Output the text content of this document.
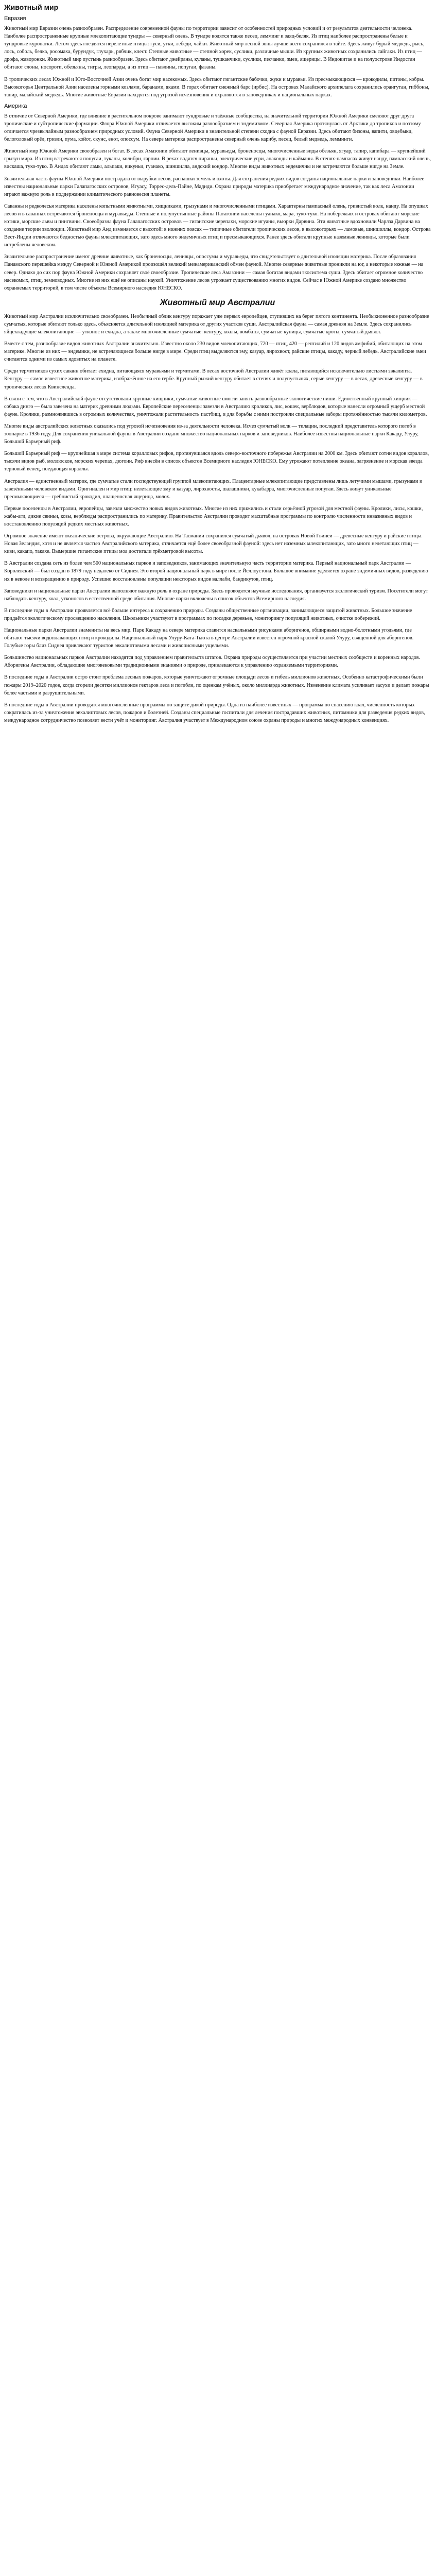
Животный мир
Евразия

Животный мир Евразии очень разнообразен. Распределение современной фауны по территории зависит от особенностей природных условий и от результатов деятельности человека. Наиболее распространенные крупные млекопитающие тундры — северный олень. В тундре водятся также песец, лемминг и заяц-беляк. Из птиц наиболее распространены белые и тундровые куропатки. Летом здесь гнездятся перелетные птицы: гуси, утки, лебеди, чайки. Животный мир лесной зоны лучше всего сохранился в тайге. Здесь живут бурый медведь, рысь, лось, соболь, белка, росомаха, бурундук, глухарь, рябчик, клест. Степные животные — степной хорек, суслики, различные мыши. Из крупных животных сохранились сайгаки. Из птиц — дрофа, жаворонки. Животный мир пустынь разнообразен. Здесь обитают джейраны, куланы, тушканчики, суслики, песчанки, змеи, ящерицы. В Индокитае и на полуострове Индостан обитают слоны, носороги, обезьяны, тигры, леопарды, а из птиц — павлины, попугаи, фазаны.

В тропических лесах Южной и Юго-Восточной Азии очень богат мир насекомых. Здесь обитают гигантские бабочки, жуки и муравьи. Из пресмыкающихся — крокодилы, питоны, кобры. Высокогорья Центральной Азии населены горными козлами, баранами, яками. В горах обитает снежный барс (ирбис). На островах Малайского архипелага сохранились орангутан, гиббоны, тапир, малайский медведь. Многие животные Евразии находятся под угрозой исчезновения и охраняются в заповедниках и национальных парках.

Америка

В отличие от Северной Америки, где влияние в растительном покрове занимают тундровые и таёжные сообщества, на значительной территории Южной Америки сменяют друг друга тропические и субтропические формации. Флора Южной Америки отличается высоким разнообразием и эндемизмом. Северная Америка протянулась от Арктики до тропиков и поэтому отличается чрезвычайным разнообразием природных условий. Фауна Северной Америки в значительной степени сходна с фауной Евразии. Здесь обитают бизоны, вапити, овцебыки, белоголовый орёл, гризли, пума, койот, скунс, енот, опоссум. На севере материка распространены северный олень карибу, песец, белый медведь, лемминги.

Животный мир Южной Америки своеобразен и богат. В лесах Амазонии обитают ленивцы, муравьеды, броненосцы, многочисленные виды обезьян, ягуар, тапир, капибара — крупнейший грызун мира. Из птиц встречаются попугаи, туканы, колибри, гарпии. В реках водятся пираньи, электрические угри, анаконды и кайманы. В степях-пампасах живут нанду, пампасский олень, вискаша, туко-туко. В Андах обитают ламы, альпаки, викуньи, гуанако, шиншилла, андский кондор. Многие виды животных эндемичны и не встречаются больше нигде на Земле.

Значительная часть фауны Южной Америки пострадала от вырубки лесов, распашки земель и охоты. Для сохранения редких видов созданы национальные парки и заповедники. Наиболее известны национальные парки Галапагосских островов, Игуасу, Торрес-дель-Пайне, Мадиди. Охрана природы материка приобретает международное значение, так как леса Амазонии играют важную роль в поддержании климатического равновесия планеты.

Саванны и редколесья материка населены копытными животными, хищниками, грызунами и многочисленными птицами. Характерны пампасный олень, гривистый волк, нанду. На опушках лесов и в саваннах встречаются броненосцы и муравьеды. Степные и полупустынные районы Патагонии населены гуанако, мара, туко-туко. На побережьях и островах обитают морские котики, морские львы и пингвины. Своеобразна фауна Галапагосских островов — гигантские черепахи, морские игуаны, вьюрки Дарвина. Эти животные вдохновили Чарлза Дарвина на создание теории эволюции. Животный мир Анд изменяется с высотой: в нижних поясах — типичные обитатели тропических лесов, в высокогорьях — ламовые, шиншиллы, кондор. Острова Вест-Индии отличаются бедностью фауны млекопитающих, зато здесь много эндемичных птиц и пресмыкающихся. Ранее здесь обитали крупные наземные ленивцы, которые были истреблены человеком.

Значительное распространение имеют древние животные, как броненосцы, ленивцы, опоссумы и муравьеды, что свидетельствует о длительной изоляции материка. После образования Панамского перешейка между Северной и Южной Америкой произошёл великий межамериканский обмен фауной. Многие северные животные проникли на юг, а некоторые южные — на север. Однако до сих пор фауна Южной Америки сохраняет своё своеобразие. Тропические леса Амазонии — самая богатая видами экосистема суши. Здесь обитает огромное количество насекомых, птиц, земноводных. Многие из них ещё не описаны наукой. Уничтожение лесов угрожает существованию многих видов. Сейчас в Южной Америке создано множество охраняемых территорий, в том числе объекты Всемирного наследия ЮНЕСКО.

Животный мир Австралии

Животный мир Австралии исключительно своеобразен. Необычный облик кенгуру поражает уже первых европейцев, ступивших на берег пятого континента. Необыкновенное разнообразие сумчатых, которые обитают только здесь, объясняется длительной изоляцией материка от других участков суши. Австралийская фауна — самая древняя на Земле. Здесь сохранились яйцекладущие млекопитающие — утконос и ехидна, а также многочисленные сумчатые: кенгуру, коалы, вомбаты, сумчатые куницы, сумчатые кроты, сумчатый дьявол.

Вместе с тем, разнообразие видов животных Австралии значительно. Известно около 230 видов млекопитающих, 720 — птиц, 420 — рептилий и 120 видов амфибий, обитающих на этом материке. Многие из них — эндемики, не встречающиеся больше нигде в мире. Среди птиц выделяются эму, казуар, лирохвост, райские птицы, какаду, черный лебедь. Австралийские змеи считаются одними из самых ядовитых на планете.

Среди термитников сухих саванн обитает ехидна, питающаяся муравьями и термитами. В лесах восточной Австралии живёт коала, питающийся исключительно листьями эвкалипта. Кенгуру — самое известное животное материка, изображённое на его гербе. Крупный рыжий кенгуру обитает в степях и полупустынях, серые кенгуру — в лесах, древесные кенгуру — в тропических лесах Квинсленда.

В связи с тем, что в Австралийской фауне отсутствовали крупные хищники, сумчатые животные смогли занять разнообразные экологические ниши. Единственный крупный хищник — собака динго — была завезена на материк древними людьми. Европейские переселенцы завезли в Австралию кроликов, лис, кошек, верблюдов, которые нанесли огромный ущерб местной фауне. Кролики, размножившись в огромных количествах, уничтожали растительность пастбищ, и для борьбы с ними построили специальные заборы протяжённостью тысячи километров.

Многие виды австралийских животных оказались под угрозой исчезновения из-за деятельности человека. Исчез сумчатый волк — тилацин, последний представитель которого погиб в зоопарке в 1936 году. Для сохранения уникальной фауны в Австралии создано множество национальных парков и заповедников. Наиболее известны национальные парки Какаду, Улуру, Большой Барьерный риф.

Большой Барьерный риф — крупнейшая в мире система коралловых рифов, протянувшаяся вдоль северо-восточного побережья Австралии на 2000 км. Здесь обитают сотни видов кораллов, тысячи видов рыб, моллюсков, морских черепах, дюгони. Риф внесён в список объектов Всемирного наследия ЮНЕСКО. Ему угрожают потепление океана, загрязнение и морская звезда терновый венец, поедающая кораллы.

Австралия — единственный материк, где сумчатые стали господствующей группой млекопитающих. Плацентарные млекопитающие представлены лишь летучими мышами, грызунами и завезёнными человеком видами. Оригинален и мир птиц: нелетающие эму и казуар, лирохвосты, шалашники, кукабарра, многочисленные попугаи. Здесь живут уникальные пресмыкающиеся — гребнистый крокодил, плащеносная ящерица, молох.

Первые поселенцы в Австралии, европейцы, завезли множество новых видов животных. Многие из них прижились и стали серьёзной угрозой для местной фауны. Кролики, лисы, кошки, жабы-аги, дикие свиньи, козы, верблюды распространились по материку. Правительство Австралии проводит масштабные программы по контролю численности инвазивных видов и восстановлению популяций редких местных животных.

Огромное значение имеют океанические острова, окружающие Австралию. На Тасмании сохранился сумчатый дьявол, на островах Новой Гвинеи — древесные кенгуру и райские птицы. Новая Зеландия, хотя и не является частью Австралийского материка, отличается ещё более своеобразной фауной: здесь нет наземных млекопитающих, зато много нелетающих птиц — киви, какапо, такахе. Вымершие гигантские птицы моа достигали трёхметровой высоты.

В Австралии создана сеть из более чем 500 национальных парков и заповедников, занимающих значительную часть территории материка. Первый национальный парк Австралии — Королевский — был создан в 1879 году недалеко от Сиднея. Это второй национальный парк в мире после Йеллоустона. Большое внимание уделяется охране эндемичных видов, разведению их в неволе и возвращению в природу. Успешно восстановлены популяции некоторых видов валлаби, бандикутов, птиц.

Заповедники и национальные парки Австралии выполняют важную роль в охране природы. Здесь проводятся научные исследования, организуется экологический туризм. Посетители могут наблюдать кенгуру, коал, утконосов в естественной среде обитания. Многие парки включены в список объектов Всемирного наследия.

В последние годы в Австралии проявляется всё больше интереса к сохранению природы. Созданы общественные организации, занимающиеся защитой животных. Большое значение придаётся экологическому просвещению населения. Школьники участвуют в программах по посадке деревьев, мониторингу популяций животных, очистке побережий.

Национальные парки Австралии знамениты на весь мир. Парк Какаду на севере материка славится наскальными рисунками аборигенов, обширными водно-болотными угодьями, где обитают тысячи водоплавающих птиц и крокодилы. Национальный парк Улуру-Ката-Тьюта в центре Австралии известен огромной красной скалой Улуру, священной для аборигенов. Голубые горы близ Сиднея привлекают туристов эвкалиптовыми лесами и живописными ущельями.

Большинство национальных парков Австралии находятся под управлением правительств штатов. Охрана природы осуществляется при участии местных сообществ и коренных народов. Аборигены Австралии, обладающие многовековыми традиционными знаниями о природе, привлекаются к управлению охраняемыми территориями.

В последние годы в Австралии остро стоит проблема лесных пожаров, которые уничтожают огромные площади лесов и гибель миллионов животных. Особенно катастрофическими были пожары 2019–2020 годов, когда сгорели десятки миллионов гектаров леса и погибли, по оценкам учёных, около миллиарда животных. Изменение климата усиливает засухи и делает пожары более частыми и разрушительными.

В последние годы в Австралии проводятся многочисленные программы по защите дикой природы. Одна из наиболее известных — программа по спасению коал, численность которых сократилась из-за уничтожения эвкалиптовых лесов, пожаров и болезней. Созданы специальные госпитали для лечения пострадавших животных, питомники для разведения редких видов, международное сотрудничество позволяет вести учёт и мониторинг. Австралия участвует в Международном союзе охраны природы и многих международных конвенциях.
